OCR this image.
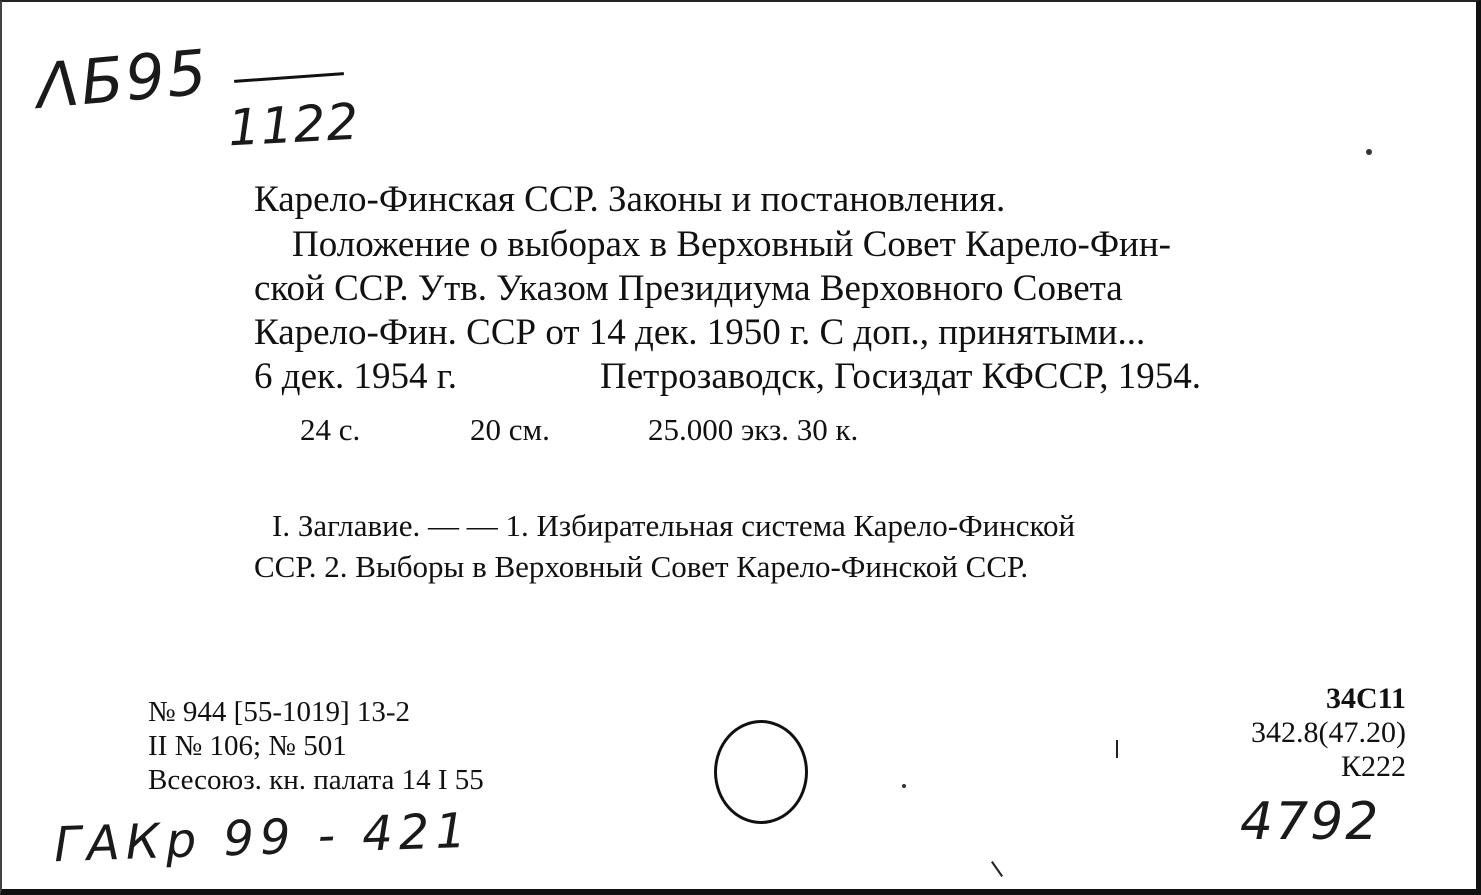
ΛБ95
1122
Карело-Финская ССР. Законы и постановления.
Положение о выборах в Верховный Совет Карело-Фин-
ской ССР. Утв. Указом Президиума Верховного Совета
Карело-Фин. ССР от 14 дек. 1950 г. С доп., принятыми...
6 дек. 1954 г.	Петрозаводск, Госиздат КФССР, 1954.
24 с.	20 см.	25.000 экз. 30 к.
I. Заглавие. — — 1. Избирательная система Карело-Финской
ССР. 2. Выборы в Верховный Совет Карело-Финской ССР.
№ 944 [55-1019] 13-2
II № 106; № 501
Всесоюз. кн. палата 14 I 55
34С11
342.8(47.20)
К222
ГАКр 99 - 421	4792
